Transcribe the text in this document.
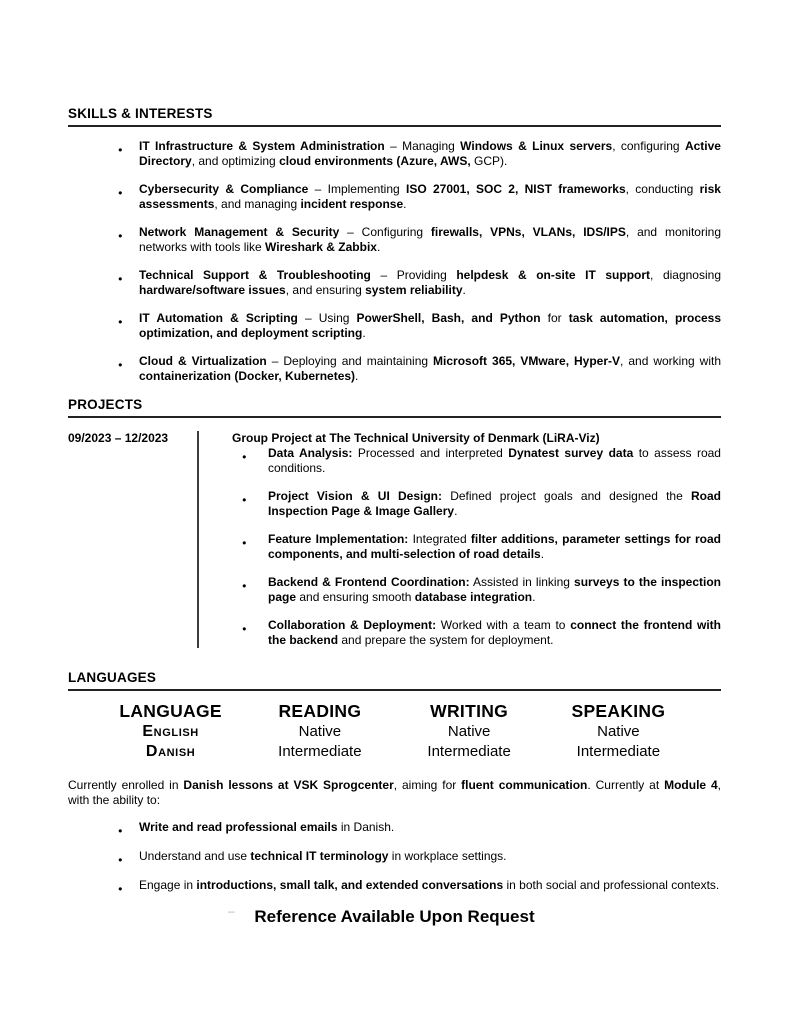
SKILLS & INTERESTS
● IT Infrastructure & System Administration – Managing Windows & Linux servers, configuring Active Directory, and optimizing cloud environments (Azure, AWS, GCP).
● Cybersecurity & Compliance – Implementing ISO 27001, SOC 2, NIST frameworks, conducting risk assessments, and managing incident response.
● Network Management & Security – Configuring firewalls, VPNs, VLANs, IDS/IPS, and monitoring networks with tools like Wireshark & Zabbix.
● Technical Support & Troubleshooting – Providing helpdesk & on-site IT support, diagnosing hardware/software issues, and ensuring system reliability.
● IT Automation & Scripting – Using PowerShell, Bash, and Python for task automation, process optimization, and deployment scripting.
● Cloud & Virtualization – Deploying and maintaining Microsoft 365, VMware, Hyper-V, and working with containerization (Docker, Kubernetes).
PROJECTS
09/2023 – 12/2023	Group Project at The Technical University of Denmark (LiRA-Viz)
● Data Analysis: Processed and interpreted Dynatest survey data to assess road conditions.
● Project Vision & UI Design: Defined project goals and designed the Road Inspection Page & Image Gallery.
● Feature Implementation: Integrated filter additions, parameter settings for road components, and multi-selection of road details.
● Backend & Frontend Coordination: Assisted in linking surveys to the inspection page and ensuring smooth database integration.
● Collaboration & Deployment: Worked with a team to connect the frontend with the backend and prepare the system for deployment.
LANGUAGES
LANGUAGE	READING	WRITING	SPEAKING
English	Native	Native	Native
Danish	Intermediate	Intermediate	Intermediate

Currently enrolled in Danish lessons at VSK Sprogcenter, aiming for fluent communication. Currently at Module 4, with the ability to:

● Write and read professional emails in Danish.
● Understand and use technical IT terminology in workplace settings.
● Engage in introductions, small talk, and extended conversations in both social and professional contexts.
Reference Available Upon Request
–
